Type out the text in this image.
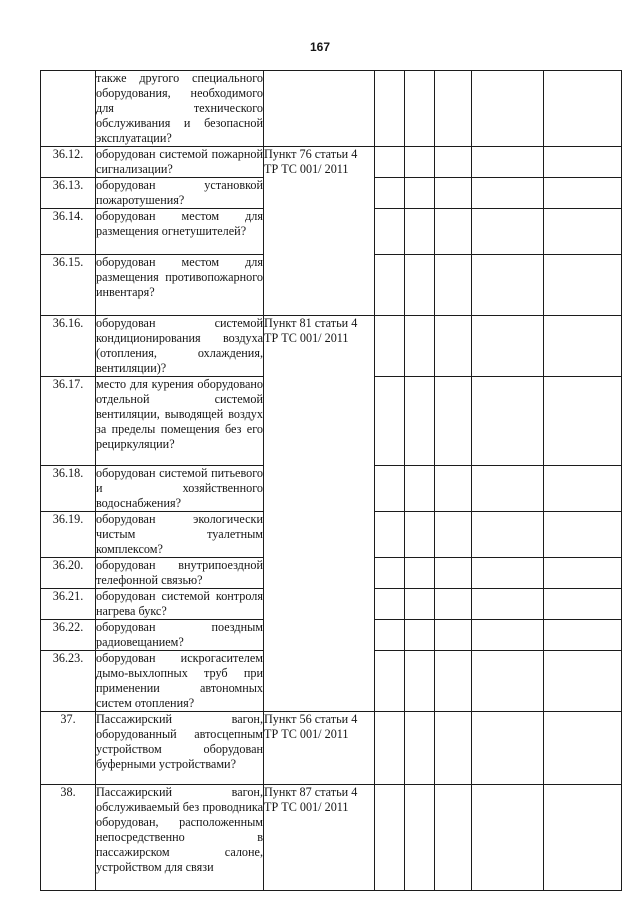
167

	также другого специального оборудования, необходимого для технического обслуживания и безопасной эксплуатации?						

36.12.	оборудован системой пожарной сигнализации?	Пункт 76 статьи 4 ТР ТС 001/ 2011					
36.13.	оборудован установкой пожаротушения?						

36.14.	оборудован местом для размещения огнетушителей?						

36.15.	оборудован местом для размещения противопожарного инвентаря?						

36.16.	оборудован системой кондиционирования воздуха (отопления, охлаждения, вентиляции)?	Пункт 81 статьи 4 ТР ТС 001/ 2011					
36.17.	место для курения оборудовано отдельной системой вентиляции, выводящей воздух за пределы помещения без его рециркуляции?						

36.18.	оборудован системой питьевого и хозяйственного водоснабжения?						

36.19.	оборудован экологически чистым туалетным комплексом?						

36.20.	оборудован внутрипоездной телефонной связью?						

36.21.	оборудован системой контроля нагрева букс?						

36.22.	оборудован поездным радиовещанием?						

36.23.	оборудован искрогасителем дымо-выхлопных труб при применении автономных систем отопления?						

37.	Пассажирский вагон, оборудованный автосцепным устройством оборудован буферными устройствами?	Пункт 56 статьи 4 ТР ТС 001/ 2011					
38.	Пассажирский вагон, обслуживаемый без проводника оборудован, расположенным непосредственно в пассажирском салоне, устройством для связи	Пункт 87 статьи 4 ТР ТС 001/ 2011					
